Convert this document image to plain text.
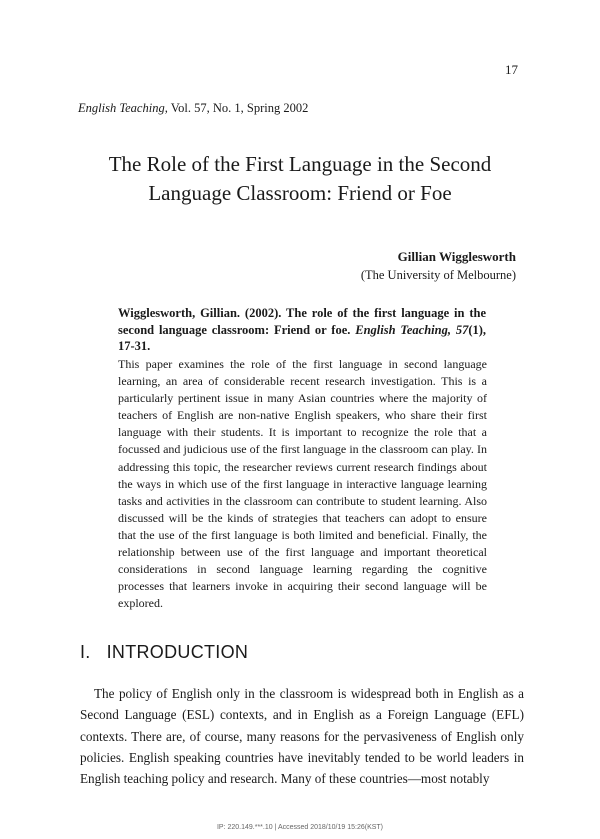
17
English Teaching, Vol. 57, No. 1, Spring 2002
The Role of the First Language in the Second
Language Classroom: Friend or Foe
Gillian Wigglesworth
(The University of Melbourne)
Wigglesworth, Gillian. (2002). The role of the first language in the second language classroom: Friend or foe. English Teaching, 57(1), 17-31.
This paper examines the role of the first language in second language learning, an area of considerable recent research investigation. This is a particularly pertinent issue in many Asian countries where the majority of teachers of English are non-native English speakers, who share their first language with their students. It is important to recognize the role that a focussed and judicious use of the first language in the classroom can play. In addressing this topic, the researcher reviews current research findings about the ways in which use of the first language in interactive language learning tasks and activities in the classroom can contribute to student learning. Also discussed will be the kinds of strategies that teachers can adopt to ensure that the use of the first language is both limited and beneficial. Finally, the relationship between use of the first language and important theoretical considerations in second language learning regarding the cognitive processes that learners invoke in acquiring their second language will be explored.
I. INTRODUCTION
The policy of English only in the classroom is widespread both in English as a Second Language (ESL) contexts, and in English as a Foreign Language (EFL) contexts. There are, of course, many reasons for the pervasiveness of English only policies. English speaking countries have inevitably tended to be world leaders in English teaching policy and research. Many of these countries—most notably
IP: 220.149.***.10 | Accessed 2018/10/19 15:26(KST)
